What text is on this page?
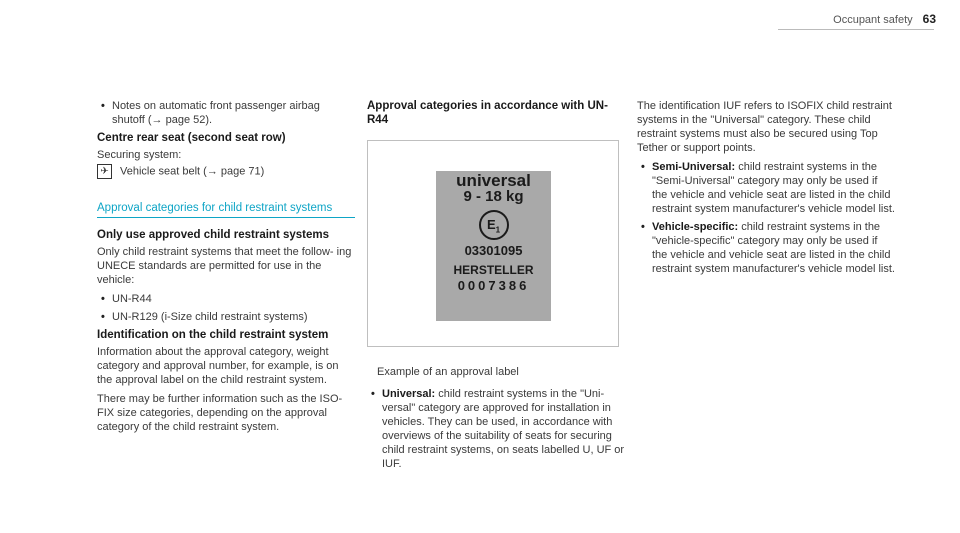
Occupant safety 63

• Notes on automatic front passenger airbag shutoff (→ page 52).

Centre rear seat (second seat row)

Securing system:

✈ Vehicle seat belt (→ page 71)

Approval categories for child restraint systems
Only use approved child restraint systems

Only child restraint systems that meet the follow- ing UNECE standards are permitted for use in the vehicle:

• UN-R44

• UN-R129 (i-Size child restraint systems)

Identification on the child restraint system

Information about the approval category, weight category and approval number, for example, is on the approval label on the child restraint system.

There may be further information such as the ISO-FIX size categories, depending on the approval category of the child restraint system.

Approval categories in accordance with UN-R44
universal
9 - 18 kg
$E_1$
03301095
HERSTELLER
0007386

Example of an approval label

• Universal: child restraint systems in the "Uni- versal" category are approved for installation in vehicles. They can be used, in accordance with overviews of the suitability of seats for securing child restraint systems, on seats labelled U, UF or IUF.

The identification IUF refers to ISOFIX child restraint systems in the "Universal" category. These child restraint systems must also be secured using Top Tether or support points.

• Semi-Universal: child restraint systems in the "Semi-Universal" category may only be used if the vehicle and vehicle seat are listed in the child restraint system manufacturer's vehicle model list.

• Vehicle-specific: child restraint systems in the "vehicle-specific" category may only be used if the vehicle and vehicle seat are listed in the child restraint system manufacturer's vehicle model list.
